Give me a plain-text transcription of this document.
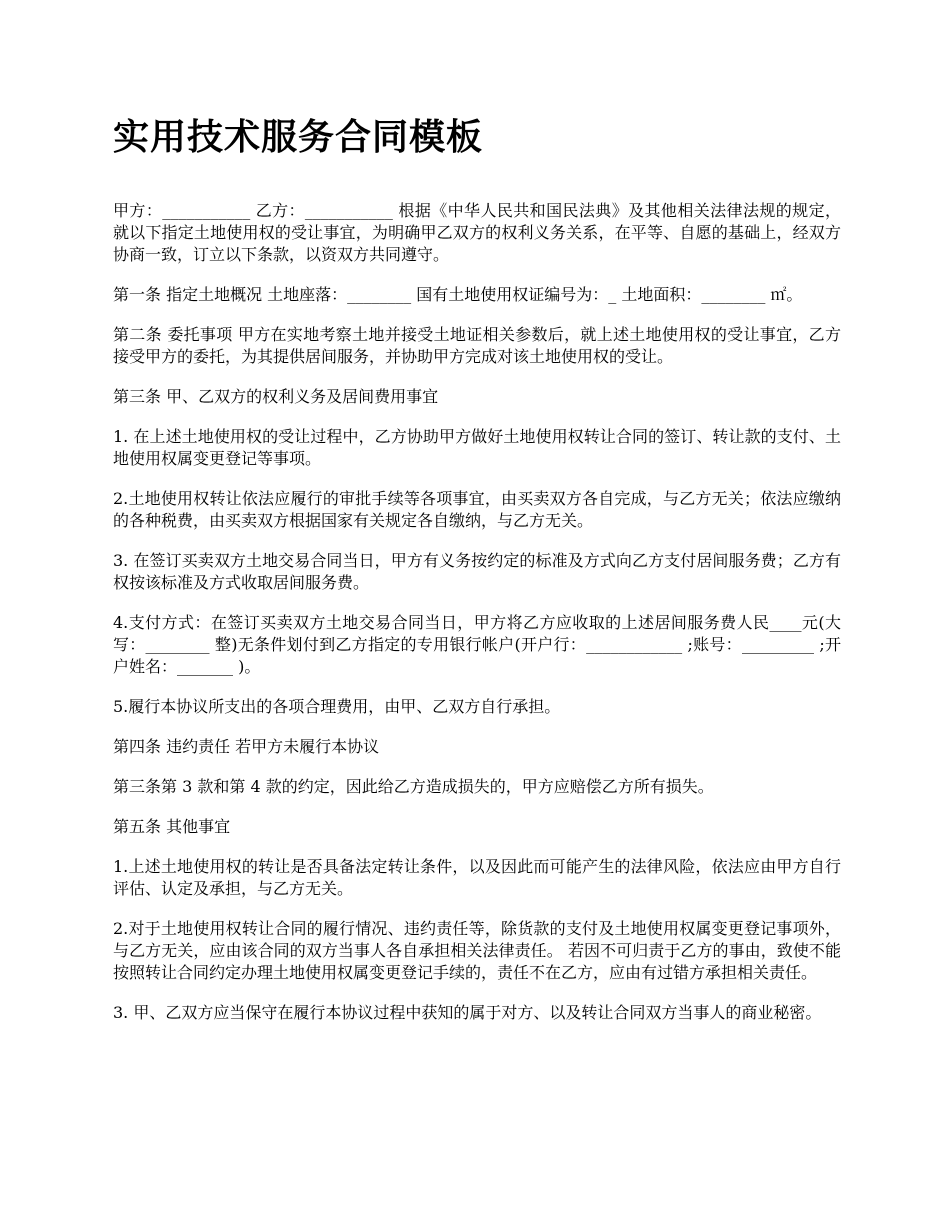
实用技术服务合同模板

甲方：___________ 乙方：___________ 根据《中华人民共和国民法典》及其他相关法律法规的规定，就以下指定土地使用权的受让事宜，为明确甲乙双方的权利义务关系，在平等、自愿的基础上，经双方协商一致，订立以下条款，以资双方共同遵守。

第一条 指定土地概况 土地座落：________ 国有土地使用权证编号为：_ 土地面积：________ ㎡。

第二条 委托事项 甲方在实地考察土地并接受土地证相关参数后，就上述土地使用权的受让事宜，乙方接受甲方的委托，为其提供居间服务，并协助甲方完成对该土地使用权的受让。

第三条 甲、乙双方的权利义务及居间费用事宜

1. 在上述土地使用权的受让过程中，乙方协助甲方做好土地使用权转让合同的签订、转让款的支付、土地使用权属变更登记等事项。

2.土地使用权转让依法应履行的审批手续等各项事宜，由买卖双方各自完成，与乙方无关；依法应缴纳的各种税费，由买卖双方根据国家有关规定各自缴纳，与乙方无关。

3. 在签订买卖双方土地交易合同当日，甲方有义务按约定的标准及方式向乙方支付居间服务费；乙方有权按该标准及方式收取居间服务费。

4.支付方式：在签订买卖双方土地交易合同当日，甲方将乙方应收取的上述居间服务费人民____元(大写：________ 整)无条件划付到乙方指定的专用银行帐户(开户行：____________ ;账号：_________ ;开户姓名：_______ )。

5.履行本协议所支出的各项合理费用，由甲、乙双方自行承担。

第四条 违约责任 若甲方未履行本协议

第三条第 3 款和第 4 款的约定，因此给乙方造成损失的，甲方应赔偿乙方所有损失。

第五条 其他事宜

1.上述土地使用权的转让是否具备法定转让条件，以及因此而可能产生的法律风险，依法应由甲方自行评估、认定及承担，与乙方无关。

2.对于土地使用权转让合同的履行情况、违约责任等，除货款的支付及土地使用权属变更登记事项外，与乙方无关，应由该合同的双方当事人各自承担相关法律责任。 若因不可归责于乙方的事由，致使不能按照转让合同约定办理土地使用权属变更登记手续的，责任不在乙方，应由有过错方承担相关责任。

3. 甲、乙双方应当保守在履行本协议过程中获知的属于对方、以及转让合同双方当事人的商业秘密。
